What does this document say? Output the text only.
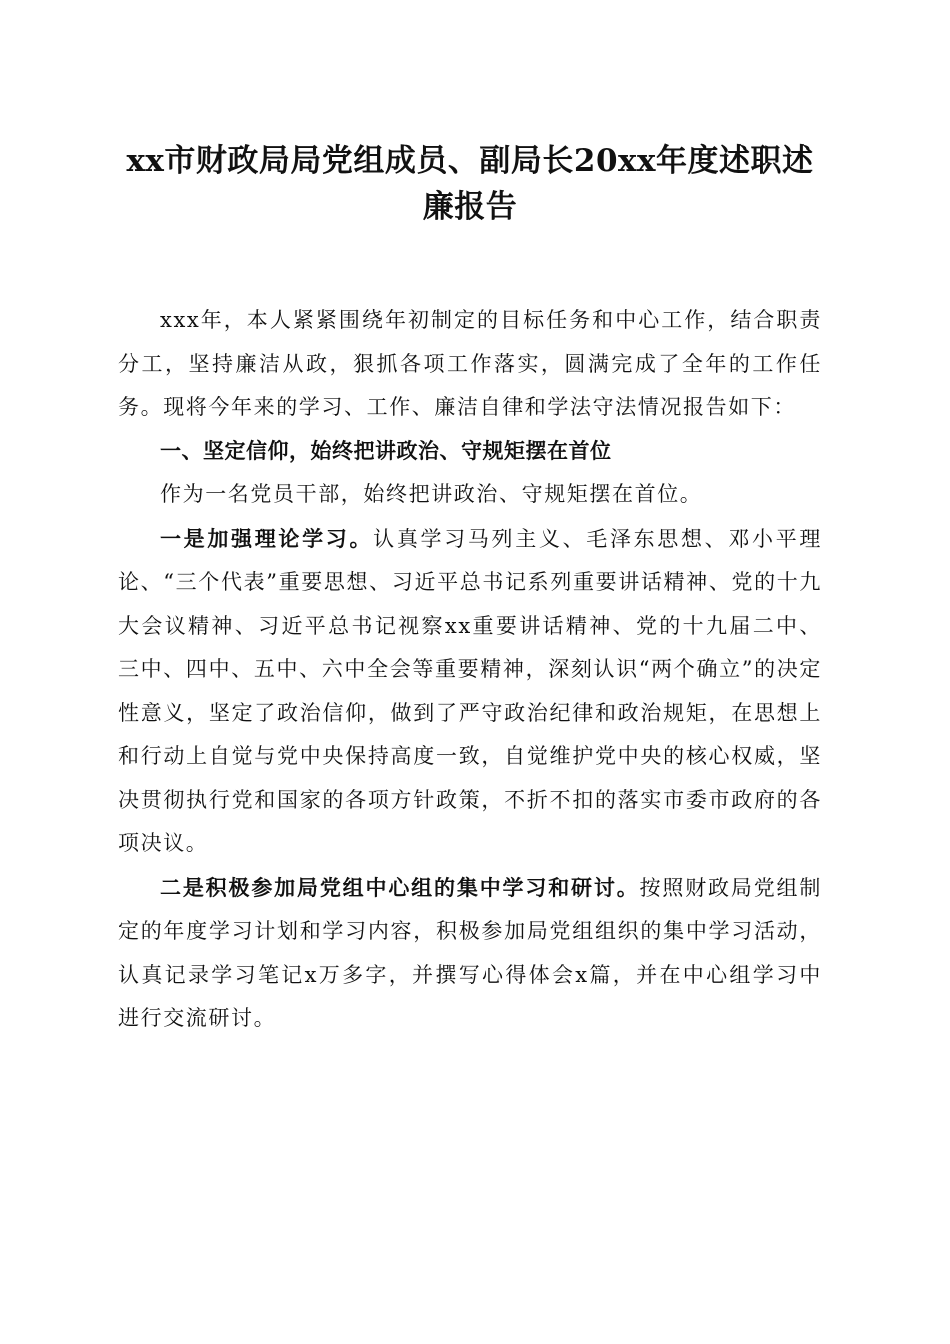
xx市财政局局党组成员、副局长20xx年度述职述廉报告

xxx年，本人紧紧围绕年初制定的目标任务和中心工作，结合职责分工，坚持廉洁从政，狠抓各项工作落实，圆满完成了全年的工作任务。现将今年来的学习、工作、廉洁自律和学法守法情况报告如下：

一、坚定信仰，始终把讲政治、守规矩摆在首位

作为一名党员干部，始终把讲政治、守规矩摆在首位。

一是加强理论学习。认真学习马列主义、毛泽东思想、邓小平理论、“三个代表”重要思想、习近平总书记系列重要讲话精神、党的十九大会议精神、习近平总书记视察xx重要讲话精神、党的十九届二中、三中、四中、五中、六中全会等重要精神，深刻认识“两个确立”的决定性意义，坚定了政治信仰，做到了严守政治纪律和政治规矩，在思想上和行动上自觉与党中央保持高度一致，自觉维护党中央的核心权威，坚决贯彻执行党和国家的各项方针政策，不折不扣的落实市委市政府的各项决议。

二是积极参加局党组中心组的集中学习和研讨。按照财政局党组制定的年度学习计划和学习内容，积极参加局党组组织的集中学习活动，认真记录学习笔记x万多字，并撰写心得体会x篇，并在中心组学习中进行交流研讨。
